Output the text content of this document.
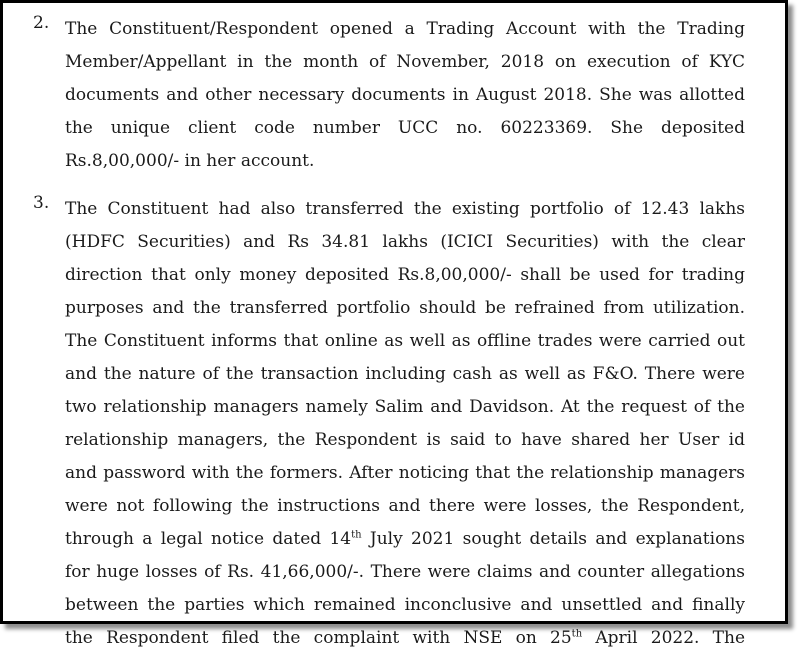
2. The Constituent/Respondent opened a Trading Account with the Trading
Member/Appellant in the month of November, 2018 on execution of KYC
documents and other necessary documents in August 2018. She was allotted
the unique client code number UCC no. 60223369. She deposited
Rs.8,00,000/- in her account.
3. The Constituent had also transferred the existing portfolio of 12.43 lakhs
(HDFC Securities) and Rs 34.81 lakhs (ICICI Securities) with the clear
direction that only money deposited Rs.8,00,000/- shall be used for trading
purposes and the transferred portfolio should be refrained from utilization.
The Constituent informs that online as well as offline trades were carried out
and the nature of the transaction including cash as well as F&O. There were
two relationship managers namely Salim and Davidson. At the request of the
relationship managers, the Respondent is said to have shared her User id
and password with the formers. After noticing that the relationship managers
were not following the instructions and there were losses, the Respondent,
through a legal notice dated 14th July 2021 sought details and explanations
for huge losses of Rs. 41,66,000/-. There were claims and counter allegations
between the parties which remained inconclusive and unsettled and finally
the Respondent filed the complaint with NSE on 25th April 2022. The
